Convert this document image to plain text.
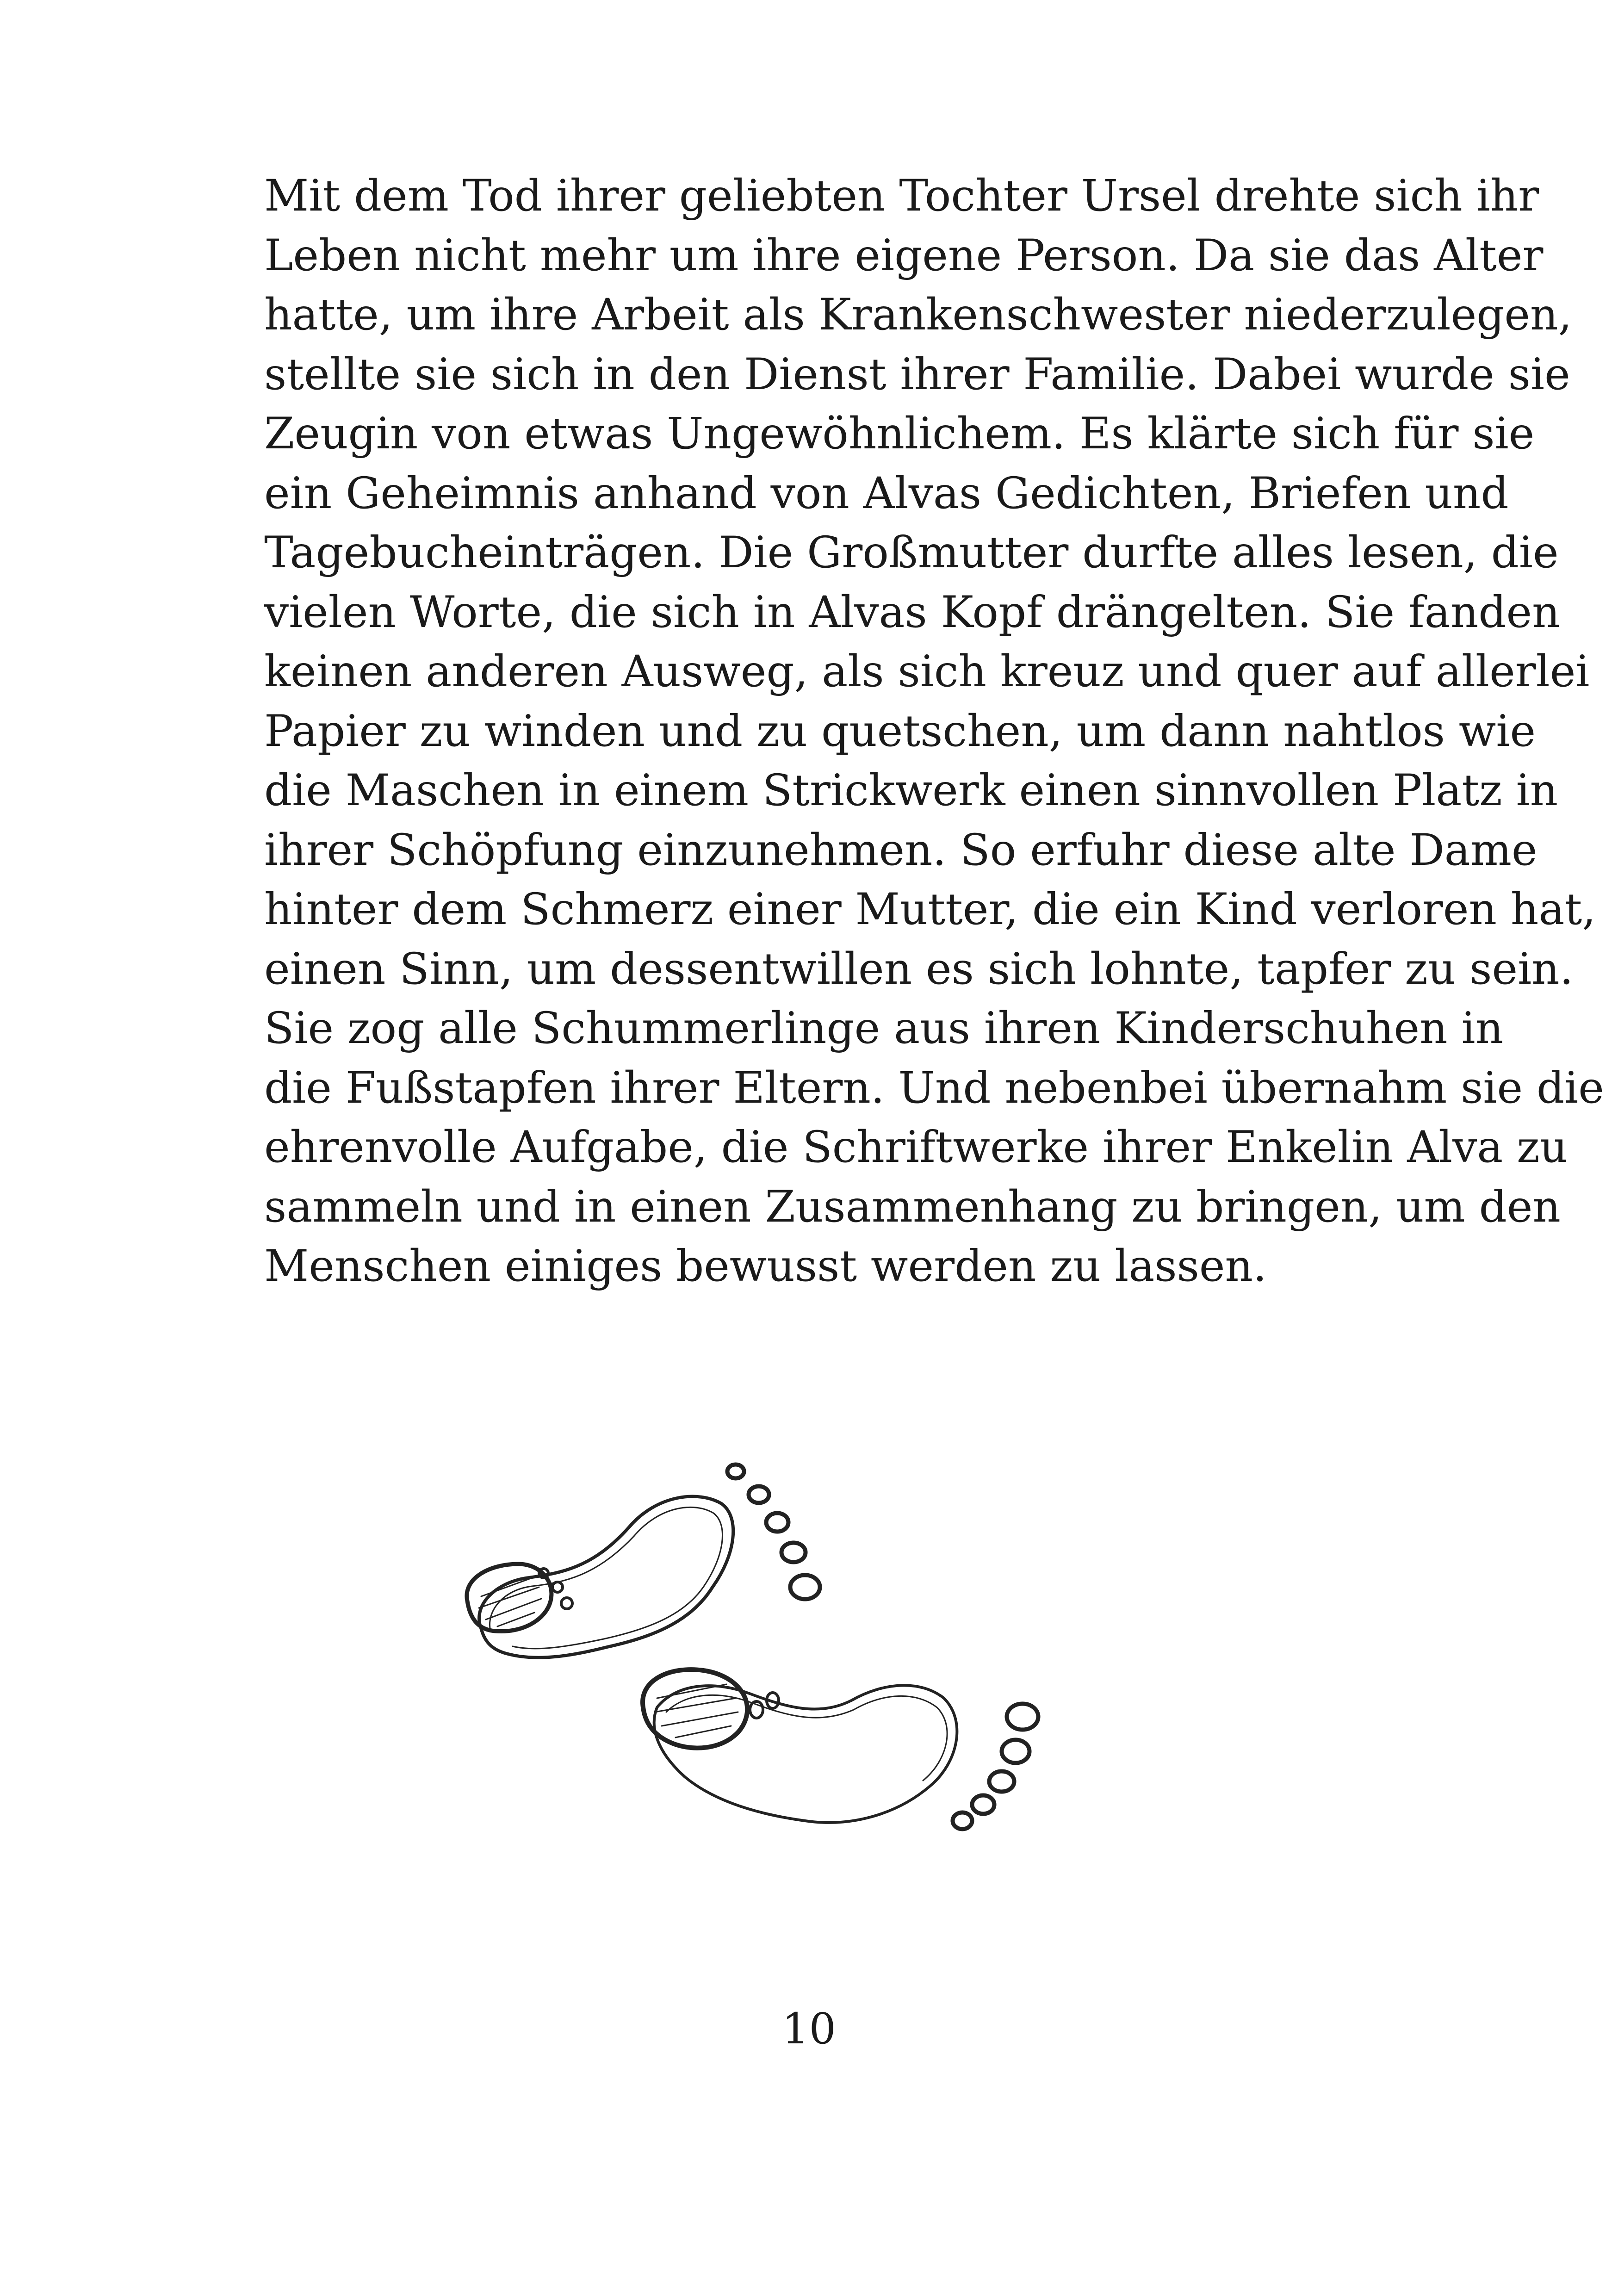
Mit dem Tod ihrer geliebten Tochter Ursel drehte sich ihr
Leben nicht mehr um ihre eigene Person. Da sie das Alter
hatte, um ihre Arbeit als Krankenschwester niederzulegen,
stellte sie sich in den Dienst ihrer Familie. Dabei wurde sie
Zeugin von etwas Ungewöhnlichem. Es klärte sich für sie
ein Geheimnis anhand von Alvas Gedichten, Briefen und
Tagebucheinträgen. Die Großmutter durfte alles lesen, die
vielen Worte, die sich in Alvas Kopf drängelten. Sie fanden
keinen anderen Ausweg, als sich kreuz und quer auf allerlei
Papier zu winden und zu quetschen, um dann nahtlos wie
die Maschen in einem Strickwerk einen sinnvollen Platz in
ihrer Schöpfung einzunehmen. So erfuhr diese alte Dame
hinter dem Schmerz einer Mutter, die ein Kind verloren hat,
einen Sinn, um dessentwillen es sich lohnte, tapfer zu sein.

Sie zog alle Schummerlinge aus ihren Kinderschuhen in
die Fußstapfen ihrer Eltern. Und nebenbei übernahm sie die
ehrenvolle Aufgabe, die Schriftwerke ihrer Enkelin Alva zu
sammeln und in einen Zusammenhang zu bringen, um den
Menschen einiges bewusst werden zu lassen.

10
